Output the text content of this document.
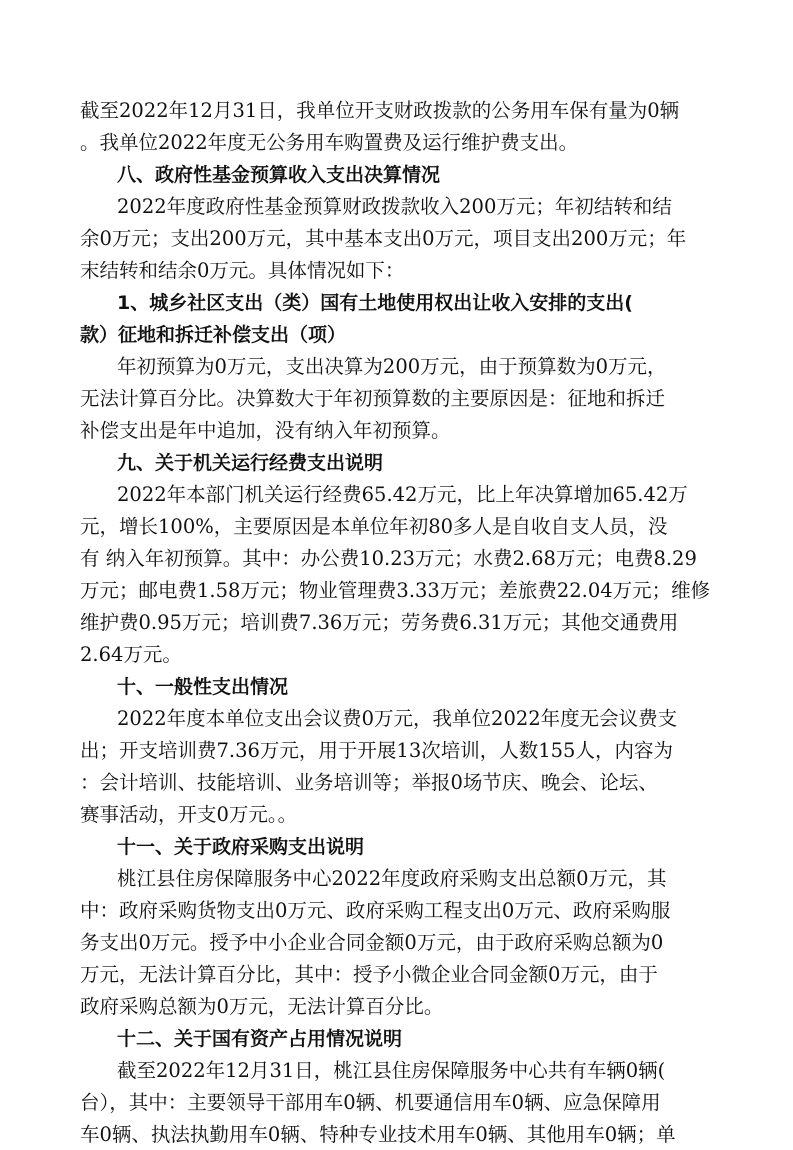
截至2022年12月31日，我单位开支财政拨款的公务用车保有量为0辆
。我单位2022年度无公务用车购置费及运行维护费支出。
八、政府性基金预算收入支出决算情况
2022年度政府性基金预算财政拨款收入200万元；年初结转和结
余0万元；支出200万元，其中基本支出0万元，项目支出200万元；年
末结转和结余0万元。具体情况如下：
1、城乡社区支出（类）国有土地使用权出让收入安排的支出(
款）征地和拆迁补偿支出（项）
年初预算为0万元，支出决算为200万元，由于预算数为0万元，
无法计算百分比。决算数大于年初预算数的主要原因是：征地和拆迁
补偿支出是年中追加，没有纳入年初预算。
九、关于机关运行经费支出说明
2022年本部门机关运行经费65.42万元，比上年决算增加65.42万
元，增长100%，主要原因是本单位年初80多人是自收自支人员，没
有 纳入年初预算。其中：办公费10.23万元；水费2.68万元；电费8.29
万元；邮电费1.58万元；物业管理费3.33万元；差旅费22.04万元；维修
维护费0.95万元；培训费7.36万元；劳务费6.31万元；其他交通费用
2.64万元。
十、一般性支出情况
2022年度本单位支出会议费0万元，我单位2022年度无会议费支
出；开支培训费7.36万元，用于开展13次培训，人数155人，内容为
：会计培训、技能培训、业务培训等；举报0场节庆、晚会、论坛、
赛事活动，开支0万元。。
十一、关于政府采购支出说明
桃江县住房保障服务中心2022年度政府采购支出总额0万元，其
中：政府采购货物支出0万元、政府采购工程支出0万元、政府采购服
务支出0万元。授予中小企业合同金额0万元，由于政府采购总额为0
万元，无法计算百分比，其中：授予小微企业合同金额0万元，由于
政府采购总额为0万元，无法计算百分比。
十二、关于国有资产占用情况说明
截至2022年12月31日，桃江县住房保障服务中心共有车辆0辆(
台），其中：主要领导干部用车0辆、机要通信用车0辆、应急保障用
车0辆、执法执勤用车0辆、特种专业技术用车0辆、其他用车0辆；单
